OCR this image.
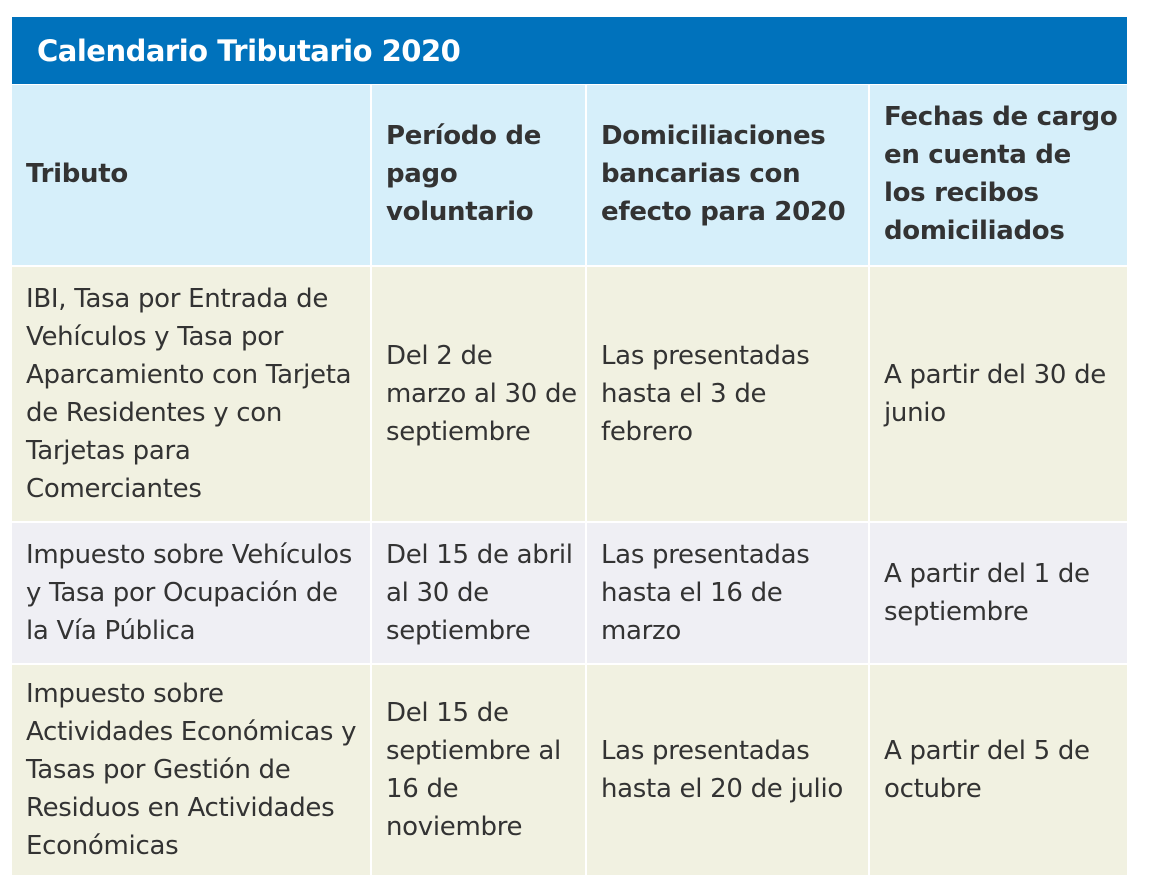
Calendario Tributario 2020
Tributo	Período de pago voluntario	Domiciliaciones bancarias con efecto para 2020	Fechas de cargo en cuenta de los recibos domiciliados
IBI, Tasa por Entrada de Vehículos y Tasa por Aparcamiento con Tarjeta de Residentes y con Tarjetas para Comerciantes	Del 2 de marzo al 30 de septiembre	Las presentadas hasta el 3 de febrero	A partir del 30 de junio
Impuesto sobre Vehículos y Tasa por Ocupación de la Vía Pública	Del 15 de abril al 30 de septiembre	Las presentadas hasta el 16 de marzo	A partir del 1 de septiembre
Impuesto sobre Actividades Económicas y Tasas por Gestión de Residuos en Actividades Económicas	Del 15 de septiembre al 16 de noviembre	Las presentadas hasta el 20 de julio	A partir del 5 de octubre
